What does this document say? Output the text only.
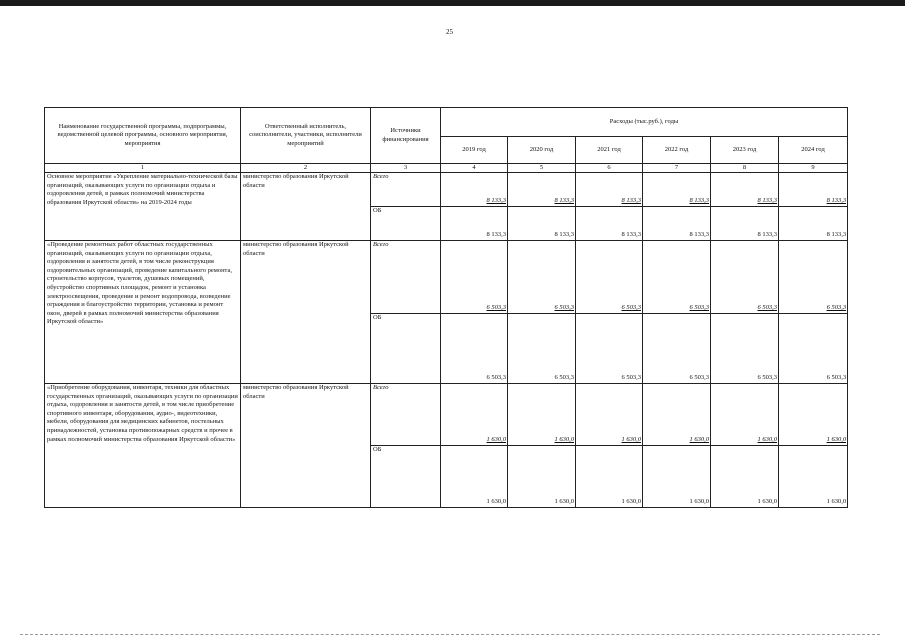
25
Наименование государственной программы, подпрограммы, ведомственной целевой программы, основного мероприятия, мероприятия	Ответственный исполнитель, соисполнители, участники, исполнители мероприятий	Источники финансирования	Расходы (тыс.руб.), годы					
			2019 год	2020 год	2021 год	2022 год	2023 год	2024 год
1	2	3	4	5	6	7	8	9
Основное мероприятие «Укрепление материально-технической базы организаций, оказывающих услуги по организации отдыха и оздоровления детей, в рамках полномочий министерства образования Иркутской области» на 2019-2024 годы	министерство образования Иркутской области	Всего	8 133,3	8 133,3	8 133,3	8 133,3	8 133,3	8 133,3
		ОБ	8 133,3	8 133,3	8 133,3	8 133,3	8 133,3	8 133,3
«Проведение ремонтных работ областных государственных организаций, оказывающих услуги по организации отдыха, оздоровления и занятости детей, в том числе реконструкция оздоровительных организаций, проведение капитального ремонта, строительство корпусов, туалетов, душевых помещений, обустройство спортивных площадок, ремонт и установка электроосвещения, проведение и ремонт водопровода, возведение ограждения и благоустройство территории, установка и ремонт окон, дверей в рамках полномочий министерства образования Иркутской области»	министерство образования Иркутской области	Всего	6 503,3	6 503,3	6 503,3	6 503,3	6 503,3	6 503,3
		ОБ	6 503,3	6 503,3	6 503,3	6 503,3	6 503,3	6 503,3
«Приобретение оборудования, инвентаря, техники для областных государственных организаций, оказывающих услуги по организации отдыха, оздоровления и занятости детей, в том числе приобретение спортивного инвентаря, оборудования, аудио-, видеотехники, мебели, оборудования для медицинских кабинетов, постельных принадлежностей, установка противопожарных средств и прочее в рамках полномочий министерства образования Иркутской области»	министерство образования Иркутской области	Всего	1 630,0	1 630,0	1 630,0	1 630,0	1 630,0	1 630,0
		ОБ	1 630,0	1 630,0	1 630,0	1 630,0	1 630,0	1 630,0
